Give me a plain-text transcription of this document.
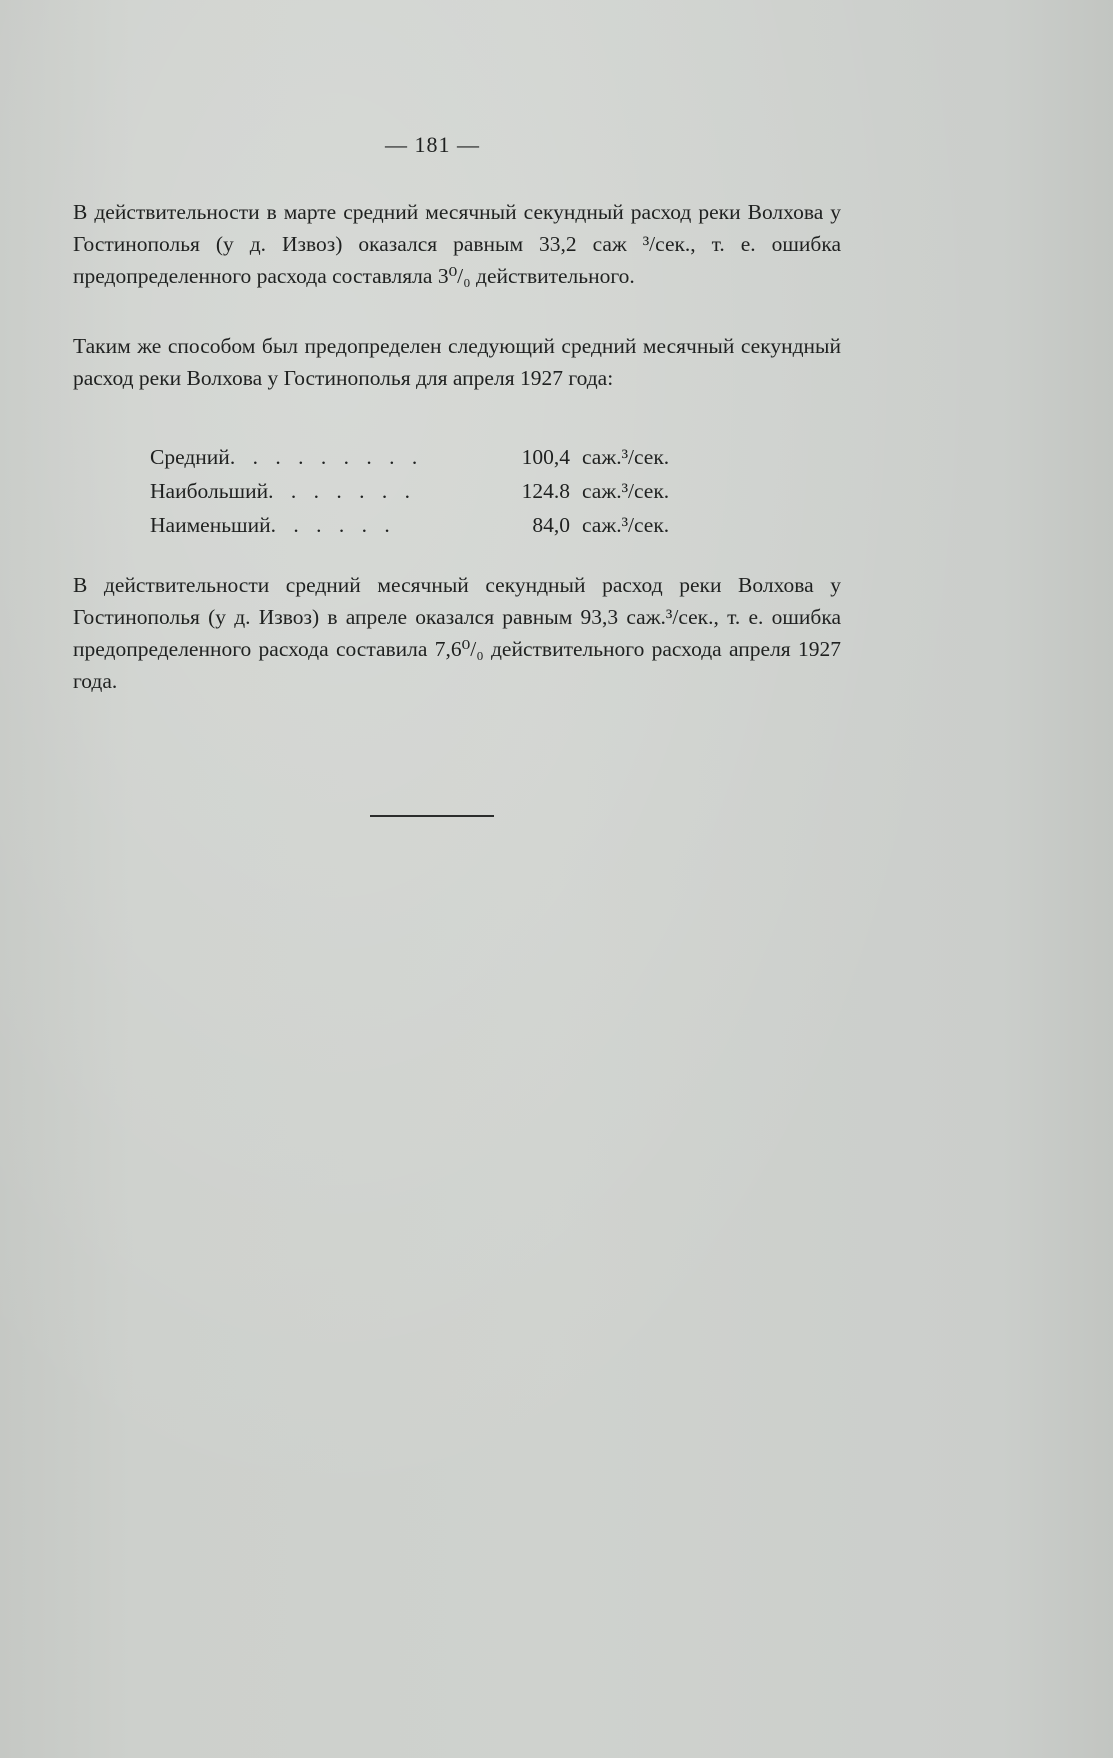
— 181 —

В действительности в марте средний месячный секундный расход реки Волхова у Гостинополья (у д. Извоз) оказался равным 33,2 саж ³/сек., т. е. ошибка предопределенного расхода составляла 3⁰/₀ действительного.

Таким же способом был предопределен следующий средний месячный секундный расход реки Волхова у Гостинополья для апреля 1927 года:

Средний. . . . . . . . .	100,4 саж.³/сек.
Наибольший. . . . . . .	124.8 саж.³/сек.
Наименьший. . . . . .	84,0 саж.³/сек.

В действительности средний месячный секундный расход реки Волхова у Гостинополья (у д. Извоз) в апреле оказался равным 93,3 саж.³/сек., т. е. ошибка предопределенного расхода составила 7,6⁰/₀ действительного расхода апреля 1927 года.
